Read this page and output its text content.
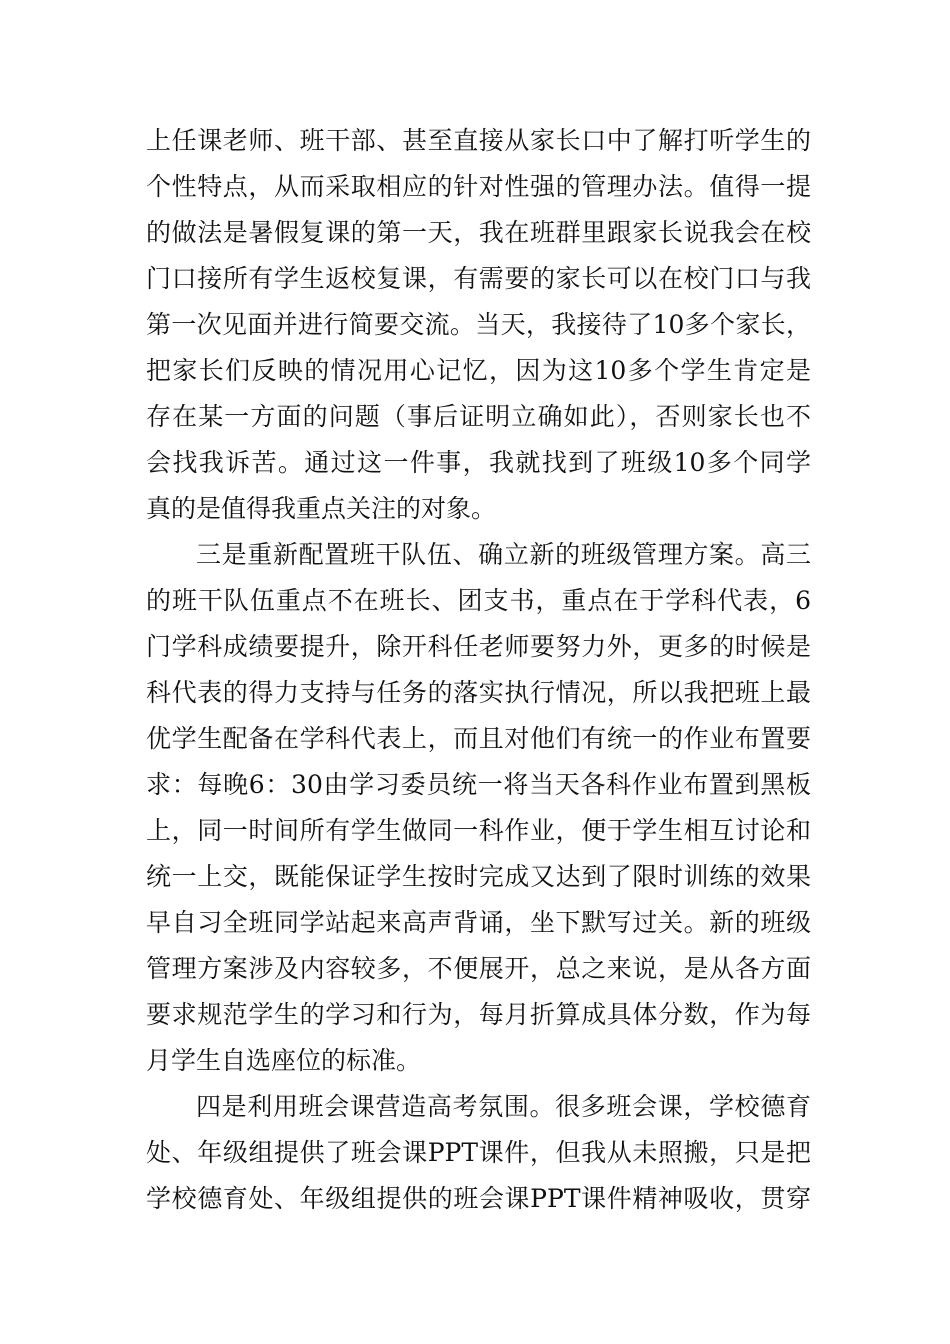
上任课老师、班干部、甚至直接从家长口中了解打听学生的
个性特点，从而采取相应的针对性强的管理办法。值得一提
的做法是暑假复课的第一天，我在班群里跟家长说我会在校
门口接所有学生返校复课，有需要的家长可以在校门口与我
第一次见面并进行简要交流。当天，我接待了10多个家长，
把家长们反映的情况用心记忆，因为这10多个学生肯定是
存在某一方面的问题（事后证明立确如此），否则家长也不
会找我诉苦。通过这一件事，我就找到了班级10多个同学
真的是值得我重点关注的对象。
三是重新配置班干队伍、确立新的班级管理方案。高三
的班干队伍重点不在班长、团支书，重点在于学科代表，6
门学科成绩要提升，除开科任老师要努力外，更多的时候是
科代表的得力支持与任务的落实执行情况，所以我把班上最
优学生配备在学科代表上，而且对他们有统一的作业布置要
求：每晚6：30由学习委员统一将当天各科作业布置到黑板
上，同一时间所有学生做同一科作业，便于学生相互讨论和
统一上交，既能保证学生按时完成又达到了限时训练的效果
早自习全班同学站起来高声背诵，坐下默写过关。新的班级
管理方案涉及内容较多，不便展开，总之来说，是从各方面
要求规范学生的学习和行为，每月折算成具体分数，作为每
月学生自选座位的标准。
四是利用班会课营造高考氛围。很多班会课，学校德育
处、年级组提供了班会课PPT课件，但我从未照搬，只是把
学校德育处、年级组提供的班会课PPT课件精神吸收，贯穿
